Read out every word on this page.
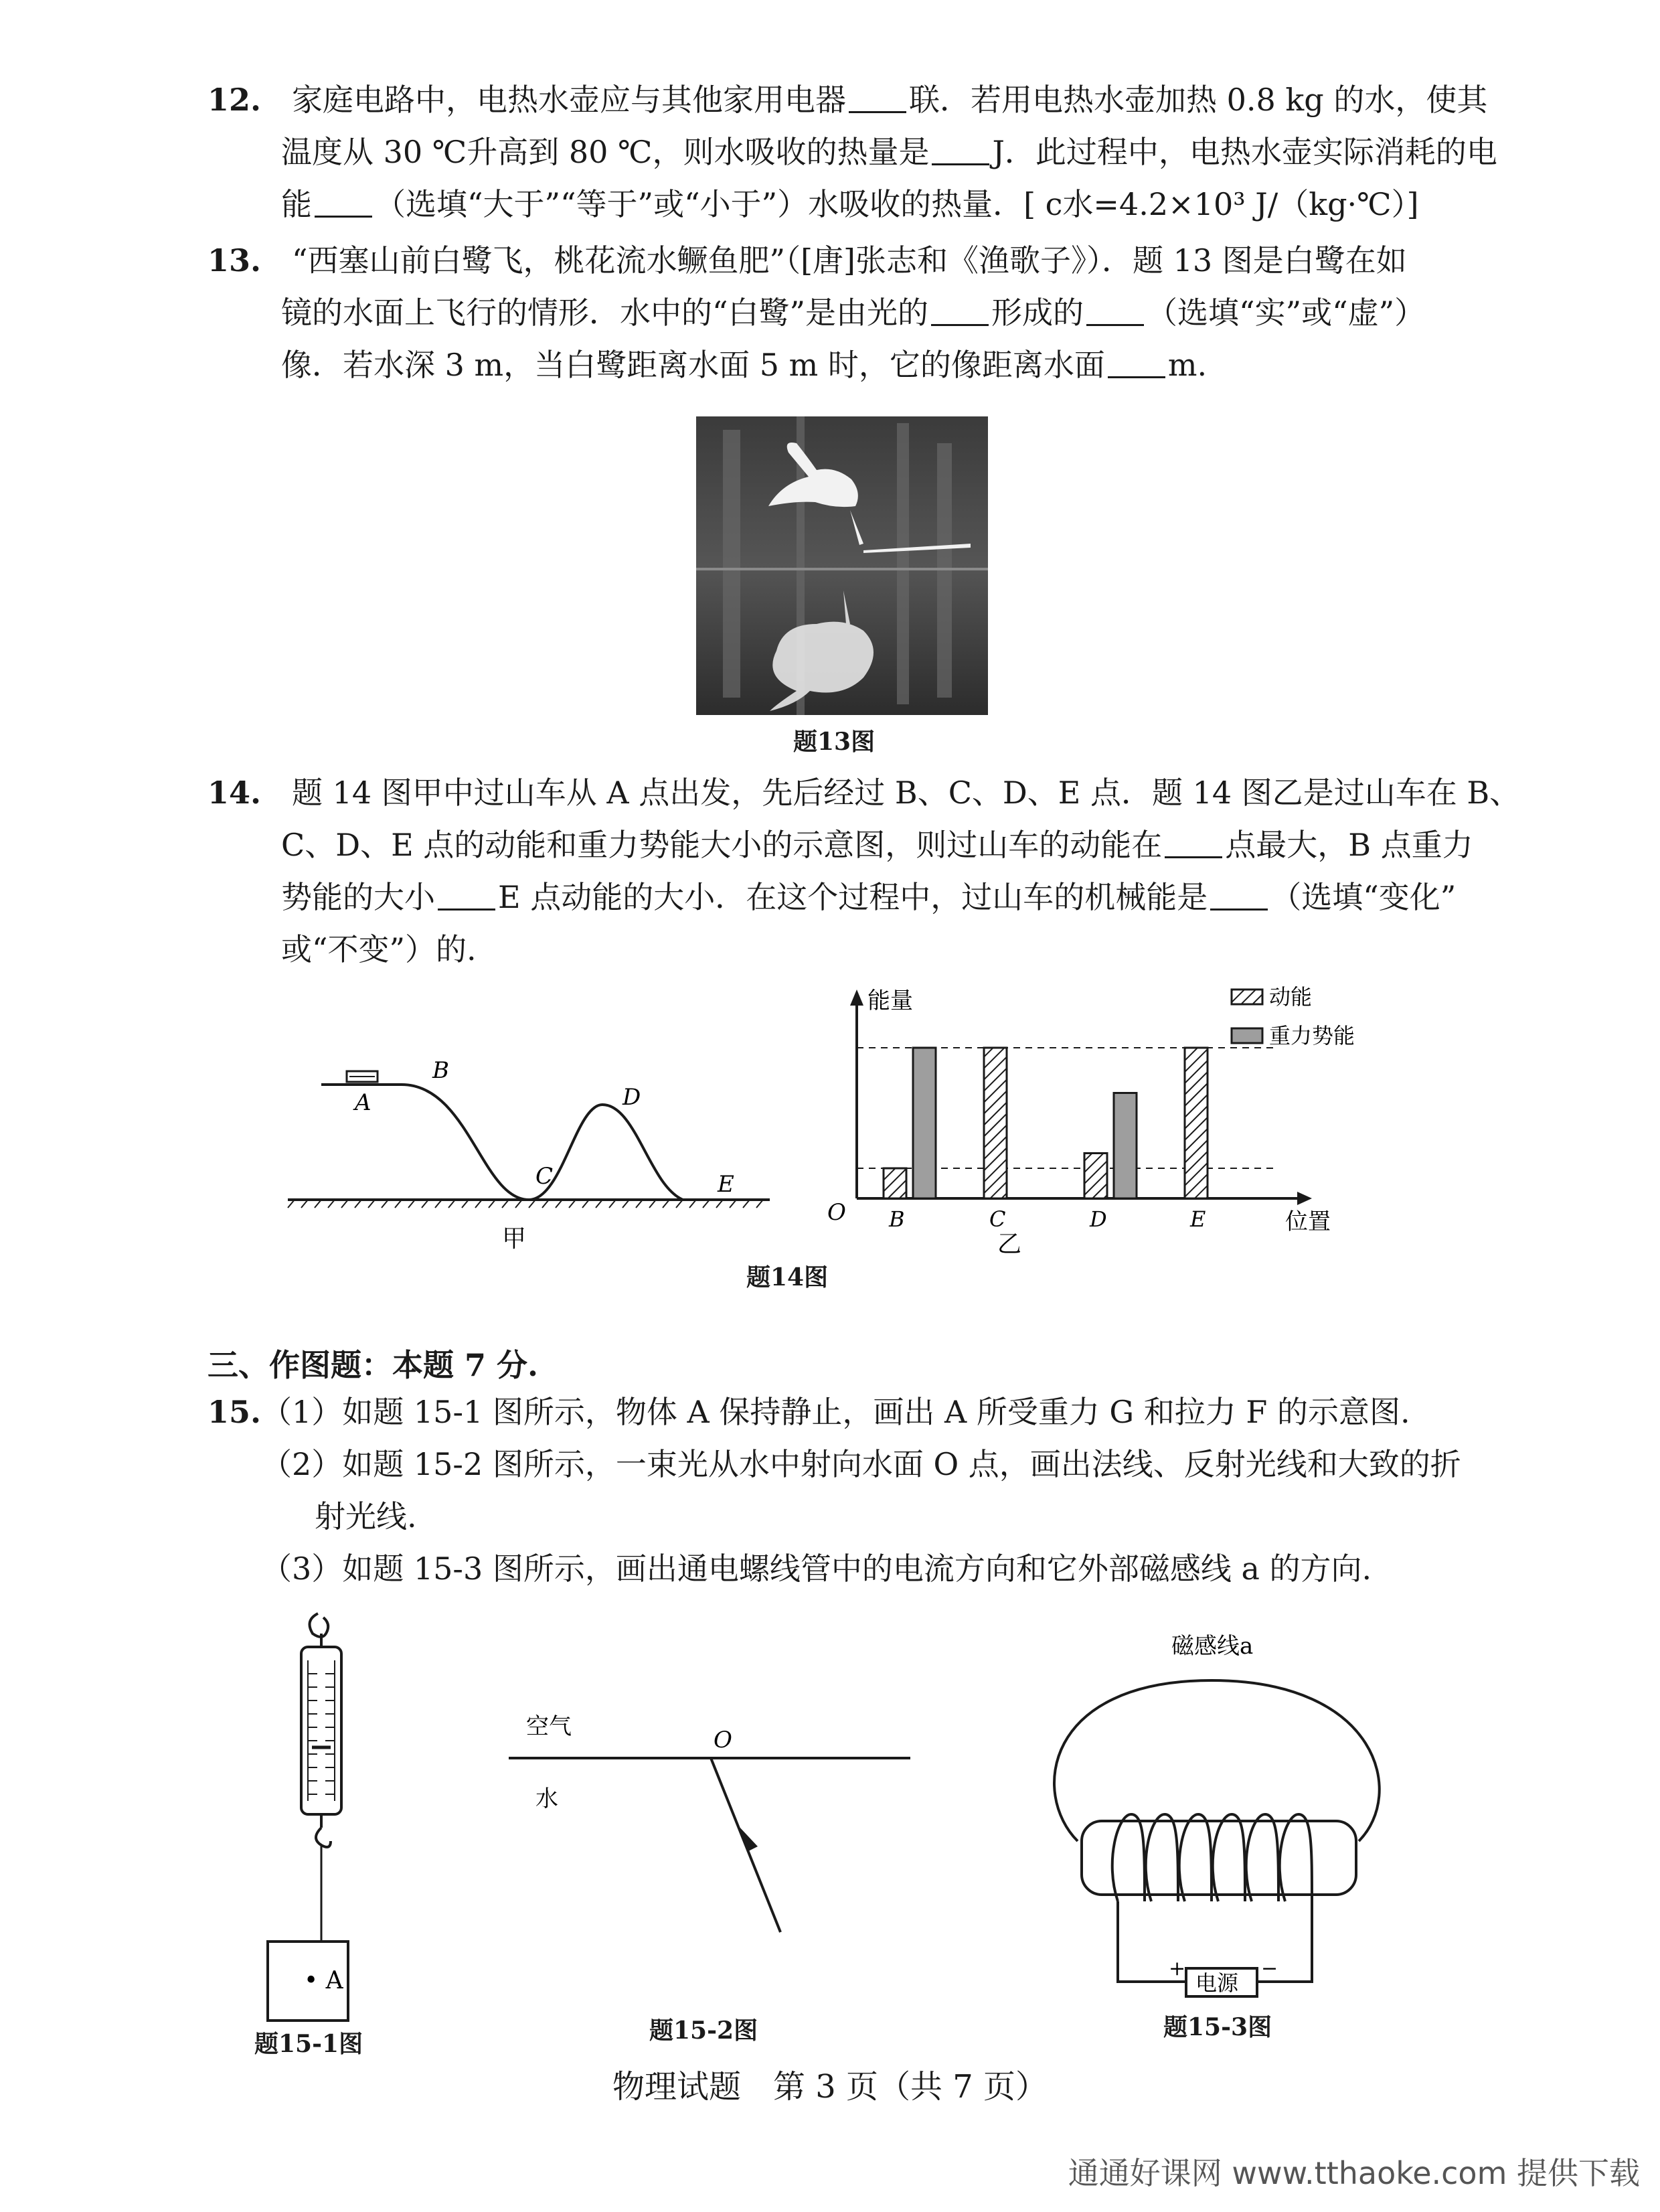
12.　 家庭电路中，电热水壶应与其他家用电器 联．若用电热水壶加热 0.8 kg 的水，使其
温度从 30 ℃升高到 80 ℃，则水吸收的热量是 J．此过程中，电热水壶实际消耗的电
能 （选填“大于”“等于”或“小于”）水吸收的热量．[ c水=4.2×10³ J/（kg·℃）]
13.　 “西塞山前白鹭飞，桃花流水鳜鱼肥”（[唐]张志和《渔歌子》）．题 13 图是白鹭在如
镜的水面上飞行的情形．水中的“白鹭”是由光的 形成的 （选填“实”或“虚”）
像．若水深 3 m，当白鹭距离水面 5 m 时，它的像距离水面 m.
题13图
14.　 题 14 图甲中过山车从 A 点出发，先后经过 B、C、D、E 点．题 14 图乙是过山车在 B、
C、D、E 点的动能和重力势能大小的示意图，则过山车的动能在 点最大，B 点重力
势能的大小 E 点动能的大小．在这个过程中，过山车的机械能是 （选填“变化”
或“不变”）的.
A
B
C
D
E
甲
能量
O	位置
B	C	D	E
动能
重力势能
乙
题14图
三、作图题：本题 7 分.
15.（1）如题 15-1 图所示，物体 A 保持静止，画出 A 所受重力 G 和拉力 F 的示意图.
（2）如题 15-2 图所示，一束光从水中射向水面 O 点，画出法线、反射光线和大致的折
射光线.
（3）如题 15-3 图所示，画出通电螺线管中的电流方向和它外部磁感线 a 的方向.
• A
题15-1图
空气
水
O
题15-2图
磁感线a
电源
+	−
题15-3图
物理试题　第 3 页（共 7 页）
通通好课网 www.tthaoke.com 提供下载
